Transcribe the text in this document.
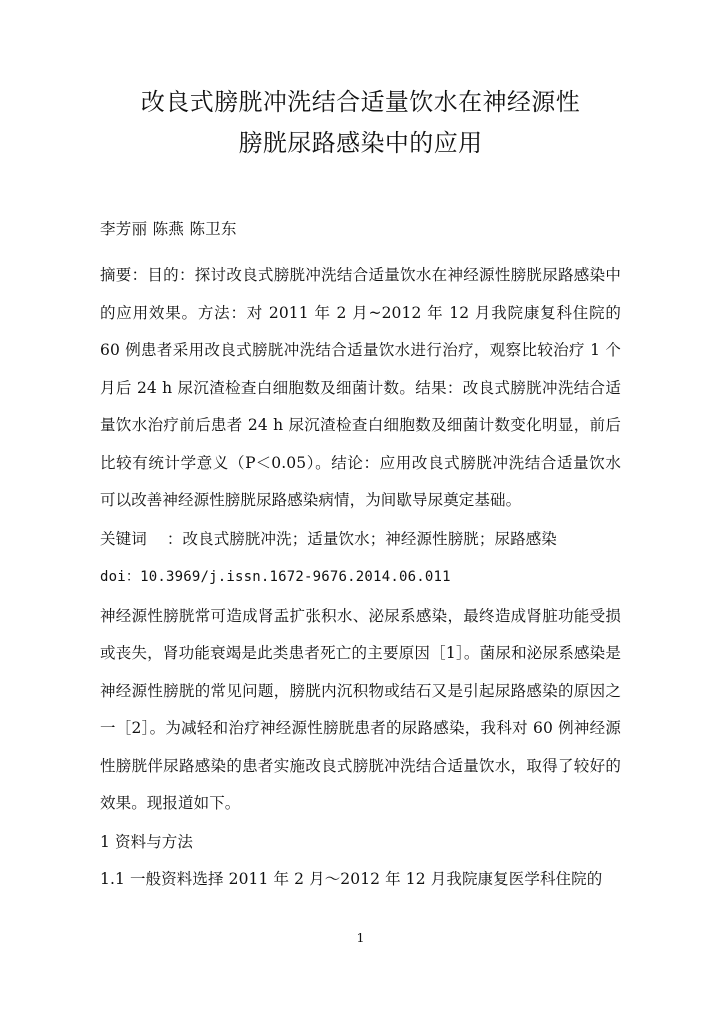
改良式膀胱冲洗结合适量饮水在神经源性
膀胱尿路感染中的应用

李芳丽 陈燕 陈卫东

摘要：目的：探讨改良式膀胱冲洗结合适量饮水在神经源性膀胱尿路感染中的应用效果。方法：对 2011 年 2 月~2012 年 12 月我院康复科住院的 60 例患者采用改良式膀胱冲洗结合适量饮水进行治疗，观察比较治疗 1 个月后 24 h 尿沉渣检查白细胞数及细菌计数。结果：改良式膀胱冲洗结合适量饮水治疗前后患者 24 h 尿沉渣检查白细胞数及细菌计数变化明显，前后比较有统计学意义（P＜0.05）。结论：应用改良式膀胱冲洗结合适量饮水可以改善神经源性膀胱尿路感染病情，为间歇导尿奠定基础。

关键词    ：改良式膀胱冲洗；适量饮水；神经源性膀胱；尿路感染

doi：10.3969/j.issn.1672-9676.2014.06.011

神经源性膀胱常可造成肾盂扩张积水、泌尿系感染，最终造成肾脏功能受损或丧失，肾功能衰竭是此类患者死亡的主要原因［1］。菌尿和泌尿系感染是神经源性膀胱的常见问题，膀胱内沉积物或结石又是引起尿路感染的原因之一［2］。为减轻和治疗神经源性膀胱患者的尿路感染，我科对 60 例神经源性膀胱伴尿路感染的患者实施改良式膀胱冲洗结合适量饮水，取得了较好的效果。现报道如下。

1 资料与方法

1.1 一般资料选择 2011 年 2 月～2012 年 12 月我院康复医学科住院的

1
